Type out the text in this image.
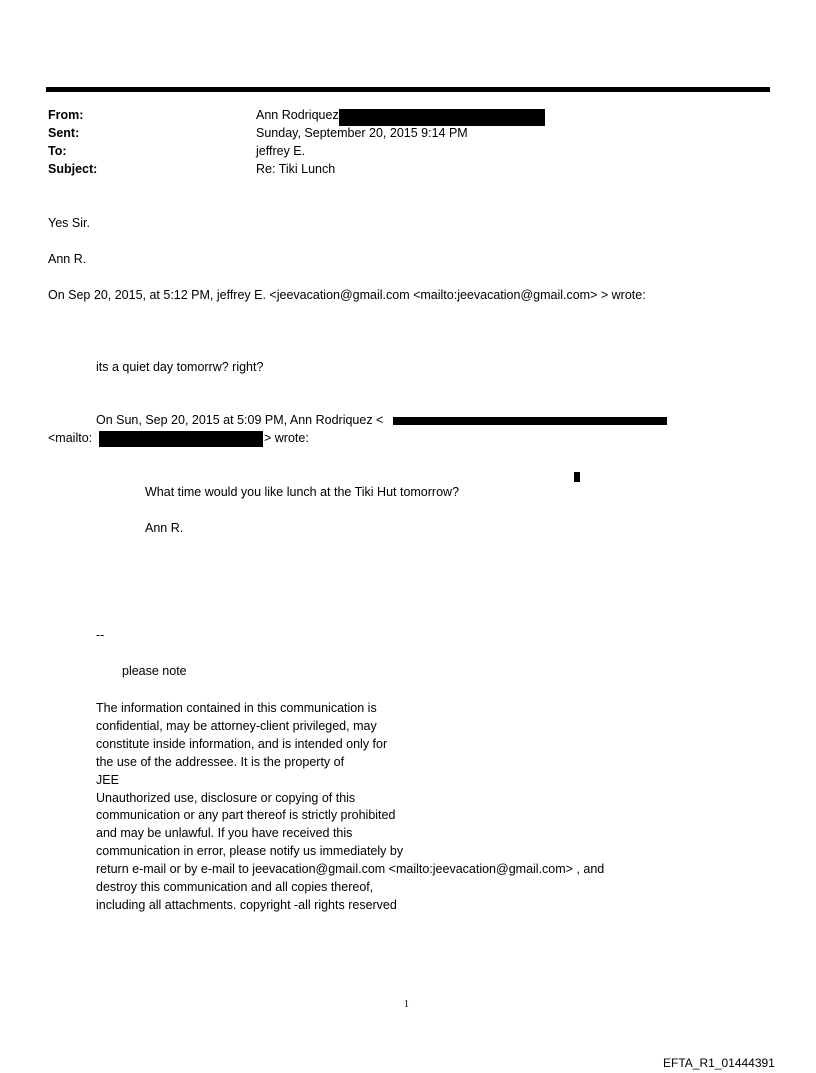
From:	Ann Rodriquez
Sent:	Sunday, September 20, 2015 9:14 PM
To:	jeffrey E.
Subject:	Re: Tiki Lunch
Yes Sir.
Ann R.
On Sep 20, 2015, at 5:12 PM, jeffrey E. <jeevacation@gmail.com <mailto:jeevacation@gmail.com> > wrote:
its a quiet day tomorrw? right?
On Sun, Sep 20, 2015 at 5:09 PM, Ann Rodriquez <
<mailto:	> wrote:
What time would you like lunch at the Tiki Hut tomorrow?
Ann R.
--
please note
The information contained in this communication is
confidential, may be attorney-client privileged, may
constitute inside information, and is intended only for
the use of the addressee. It is the property of
JEE
Unauthorized use, disclosure or copying of this
communication or any part thereof is strictly prohibited
and may be unlawful. If you have received this
communication in error, please notify us immediately by
return e-mail or by e-mail to jeevacation@gmail.com <mailto:jeevacation@gmail.com> , and
destroy this communication and all copies thereof,
including all attachments. copyright -all rights reserved
1
EFTA_R1_01444391
